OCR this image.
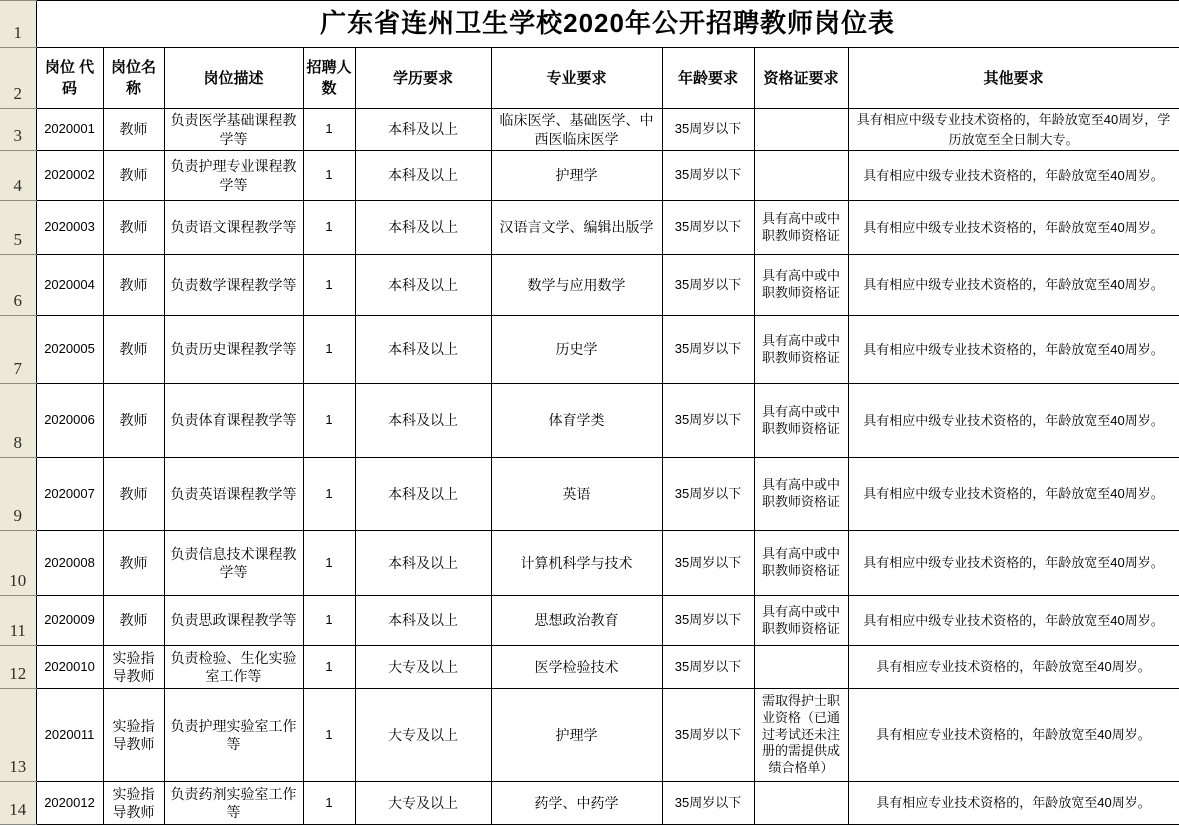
1	广东省连州卫生学校2020年公开招聘教师岗位表								
2	岗位 代码	岗位名称	岗位描述	招聘人数	学历要求	专业要求	年龄要求	资格证要求	其他要求
3	2020001	教师	负责医学基础课程教学等	1	本科及以上	临床医学、基础医学、中西医临床医学	35周岁以下		具有相应中级专业技术资格的，年龄放宽至40周岁，学历放宽至全日制大专。
4	2020002	教师	负责护理专业课程教学等	1	本科及以上	护理学	35周岁以下		具有相应中级专业技术资格的，年龄放宽至40周岁。
5	2020003	教师	负责语文课程教学等	1	本科及以上	汉语言文学、编辑出版学	35周岁以下	具有高中或中职教师资格证	具有相应中级专业技术资格的，年龄放宽至40周岁。
6	2020004	教师	负责数学课程教学等	1	本科及以上	数学与应用数学	35周岁以下	具有高中或中职教师资格证	具有相应中级专业技术资格的，年龄放宽至40周岁。
7	2020005	教师	负责历史课程教学等	1	本科及以上	历史学	35周岁以下	具有高中或中职教师资格证	具有相应中级专业技术资格的，年龄放宽至40周岁。
8	2020006	教师	负责体育课程教学等	1	本科及以上	体育学类	35周岁以下	具有高中或中职教师资格证	具有相应中级专业技术资格的，年龄放宽至40周岁。
9	2020007	教师	负责英语课程教学等	1	本科及以上	英语	35周岁以下	具有高中或中职教师资格证	具有相应中级专业技术资格的，年龄放宽至40周岁。
10	2020008	教师	负责信息技术课程教学等	1	本科及以上	计算机科学与技术	35周岁以下	具有高中或中职教师资格证	具有相应中级专业技术资格的，年龄放宽至40周岁。
11	2020009	教师	负责思政课程教学等	1	本科及以上	思想政治教育	35周岁以下	具有高中或中职教师资格证	具有相应中级专业技术资格的，年龄放宽至40周岁。
12	2020010	实验指导教师	负责检验、生化实验室工作等	1	大专及以上	医学检验技术	35周岁以下		具有相应专业技术资格的，年龄放宽至40周岁。
13	2020011	实验指导教师	负责护理实验室工作等	1	大专及以上	护理学	35周岁以下	需取得护士职业资格（已通过考试还未注册的需提供成绩合格单）	具有相应专业技术资格的，年龄放宽至40周岁。
14	2020012	实验指导教师	负责药剂实验室工作等	1	大专及以上	药学、中药学	35周岁以下		具有相应专业技术资格的，年龄放宽至40周岁。
